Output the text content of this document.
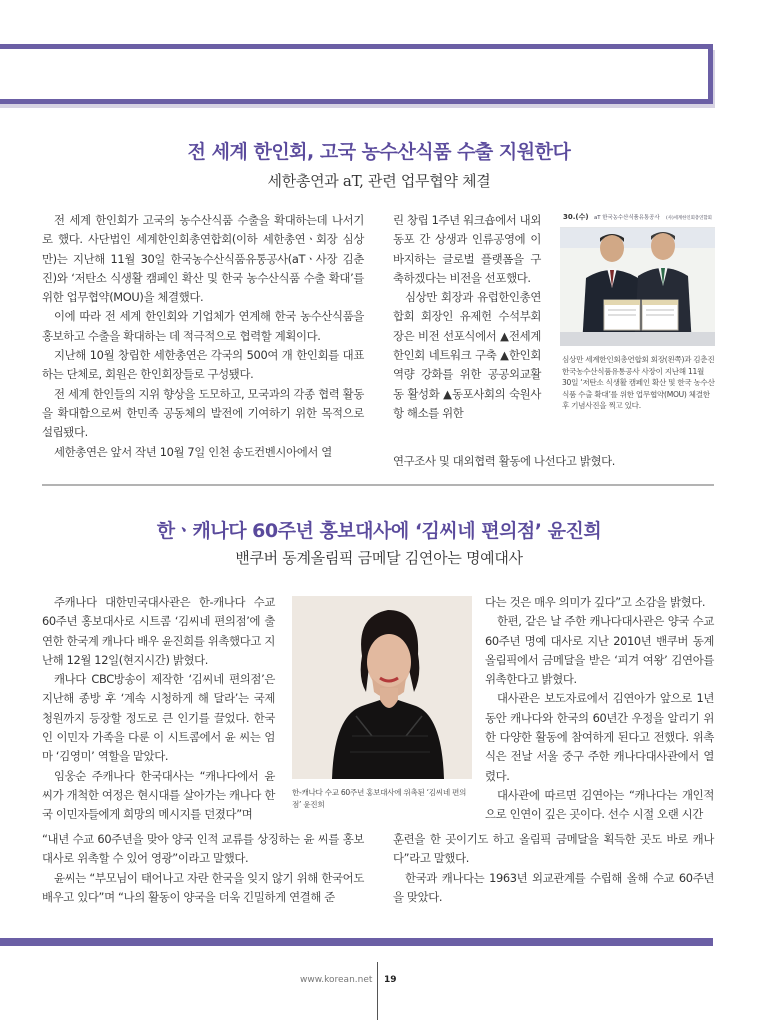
전 세계 한인회, 고국 농수산식품 수출 지원한다
세한총연과 aT, 관련 업무협약 체결

전 세계 한인회가 고국의 농수산식품 수출을 확대하는데 나서기로 했다. 사단법인 세계한인회총연합회(이하 세한총연ㆍ회장 심상만)는 지난해 11월 30일 한국농수산식품유통공사(aTㆍ사장 김춘진)와 ‘저탄소 식생활 캠페인 확산 및 한국 농수산식품 수출 확대’를 위한 업무협약(MOU)을 체결했다.

이에 따라 전 세계 한인회와 기업체가 연계해 한국 농수산식품을 홍보하고 수출을 확대하는 데 적극적으로 협력할 계획이다.

지난해 10월 창립한 세한총연은 각국의 500여 개 한인회를 대표하는 단체로, 회원은 한인회장들로 구성됐다.

전 세계 한인들의 지위 향상을 도모하고, 모국과의 각종 협력 활동을 확대함으로써 한민족 공동체의 발전에 기여하기 위한 목적으로 설립됐다.

세한총연은 앞서 작년 10월 7일 인천 송도컨벤시아에서 열

린 창립 1주년 워크숍에서 내외 동포 간 상생과 인류공영에 이바지하는 글로벌 플랫폼을 구축하겠다는 비전을 선포했다.

심상만 회장과 유럽한인총연합회 회장인 유제헌 수석부회장은 비전 선포식에서 ▲전세계 한인회 네트워크 구축 ▲한인회 역량 강화를 위한 공공외교활동 활성화 ▲동포사회의 숙원사항 해소를 위한

연구조사 및 대외협력 활동에 나선다고 밝혔다.

30.(수) aT 한국농수산식품유통공사 (사)세계한인회총연합회
심상만 세계한인회총연합회 회장(왼쪽)과 김춘진 한국농수산식품유통공사 사장이 지난해 11월 30일 ‘저탄소 식생활 캠페인 확산 및 한국 농수산식품 수출 확대’를 위한 업무협약(MOU) 체결한 후 기념사진을 찍고 있다.
한ㆍ캐나다 60주년 홍보대사에 ‘김씨네 편의점’ 윤진희
밴쿠버 동계올림픽 금메달 김연아는 명예대사

주캐나다 대한민국대사관은 한-캐나다 수교 60주년 홍보대사로 시트콤 ‘김씨네 편의점’에 출연한 한국계 캐나다 배우 윤진희를 위촉했다고 지난해 12월 12일(현지시간) 밝혔다.

캐나다 CBC방송이 제작한 ‘김씨네 편의점’은 지난해 종방 후 ‘계속 시청하게 해 달라’는 국제 청원까지 등장할 정도로 큰 인기를 끌었다. 한국인 이민자 가족을 다룬 이 시트콤에서 윤 씨는 엄마 ‘김영미’ 역할을 맡았다.

임웅순 주캐나다 한국대사는 “캐나다에서 윤 씨가 개척한 여정은 현시대를 살아가는 캐나다 한국 이민자들에게 희망의 메시지를 던졌다”며

“내년 수교 60주년을 맞아 양국 인적 교류를 상징하는 윤 씨를 홍보대사로 위촉할 수 있어 영광”이라고 말했다.

윤씨는 “부모님이 태어나고 자란 한국을 잊지 않기 위해 한국어도 배우고 있다”며 “나의 활동이 양국을 더욱 긴밀하게 연결해 준

한-캐나다 수교 60주년 홍보대사에 위촉된 ‘김씨네 편의점’ 윤진희

다는 것은 매우 의미가 깊다”고 소감을 밝혔다.

한편, 같은 날 주한 캐나다대사관은 양국 수교 60주년 명예 대사로 지난 2010년 밴쿠버 동계올림픽에서 금메달을 받은 ‘피겨 여왕’ 김연아를 위촉한다고 밝혔다.

대사관은 보도자료에서 김연아가 앞으로 1년 동안 캐나다와 한국의 60년간 우정을 알리기 위한 다양한 활동에 참여하게 된다고 전했다. 위촉식은 전날 서울 중구 주한 캐나다대사관에서 열렸다.

대사관에 따르면 김연아는 “캐나다는 개인적으로 인연이 깊은 곳이다. 선수 시절 오랜 시간

훈련을 한 곳이기도 하고 올림픽 금메달을 획득한 곳도 바로 캐나다”라고 말했다.

한국과 캐나다는 1963년 외교관계를 수립해 올해 수교 60주년을 맞았다.

www.korean.net 19
